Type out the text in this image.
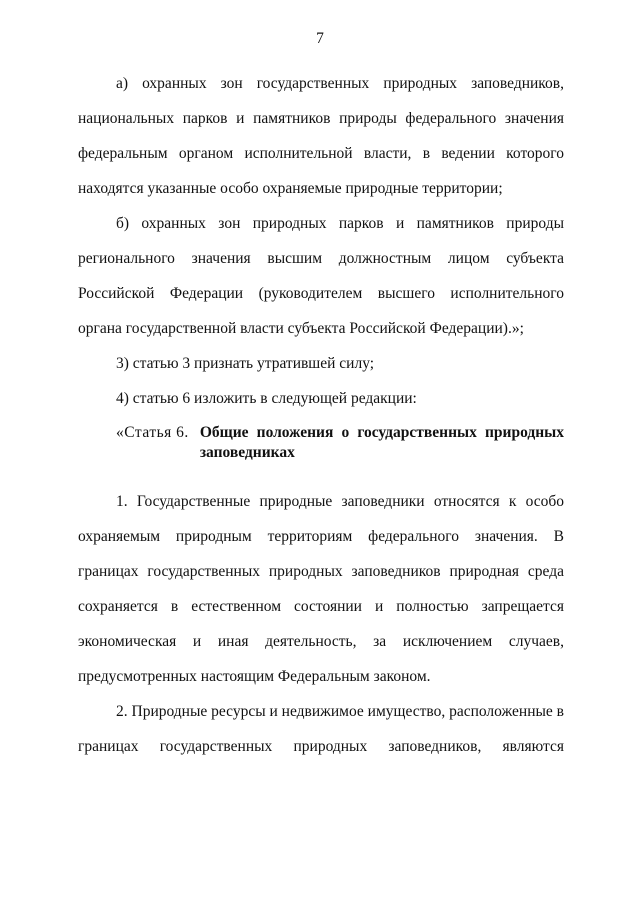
7

а) охранных зон государственных природных заповедников, национальных парков и памятников природы федерального значения федеральным органом исполнительной власти, в ведении которого находятся указанные особо охраняемые природные территории;

б) охранных зон природных парков и памятников природы регионального значения высшим должностным лицом субъекта Российской Федерации (руководителем высшего исполнительного органа государственной власти субъекта Российской Федерации).»;

3) статью 3 признать утратившей силу;

4) статью 6 изложить в следующей редакции:

«Статья 6. Общие положения о государственных природных заповедниках

1. Государственные природные заповедники относятся к особо охраняемым природным территориям федерального значения. В границах государственных природных заповедников природная среда сохраняется в естественном состоянии и полностью запрещается экономическая и иная деятельность, за исключением случаев, предусмотренных настоящим Федеральным законом.

2. Природные ресурсы и недвижимое имущество, расположенные в границах государственных природных заповедников, являются
